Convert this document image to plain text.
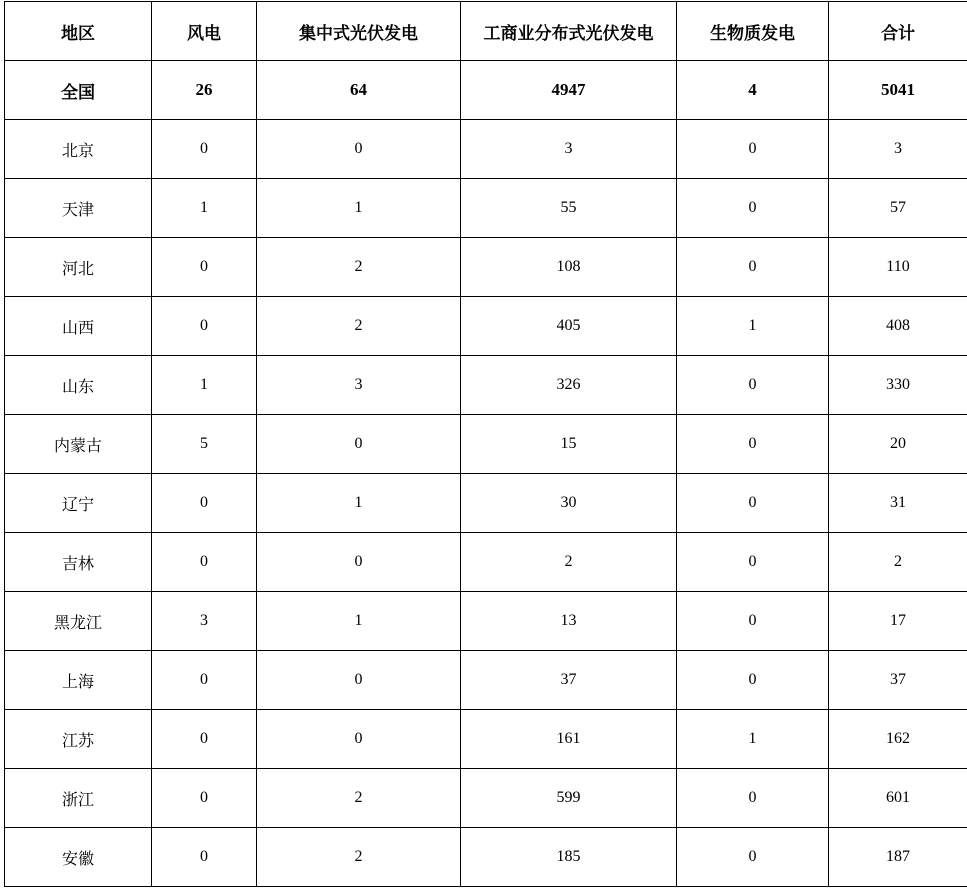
地区	风电	集中式光伏发电	工商业分布式光伏发电	生物质发电	合计
全国	26	64	4947	4	5041
北京	0	0	3	0	3
天津	1	1	55	0	57
河北	0	2	108	0	110
山西	0	2	405	1	408
山东	1	3	326	0	330
内蒙古	5	0	15	0	20
辽宁	0	1	30	0	31
吉林	0	0	2	0	2
黑龙江	3	1	13	0	17
上海	0	0	37	0	37
江苏	0	0	161	1	162
浙江	0	2	599	0	601
安徽	0	2	185	0	187
